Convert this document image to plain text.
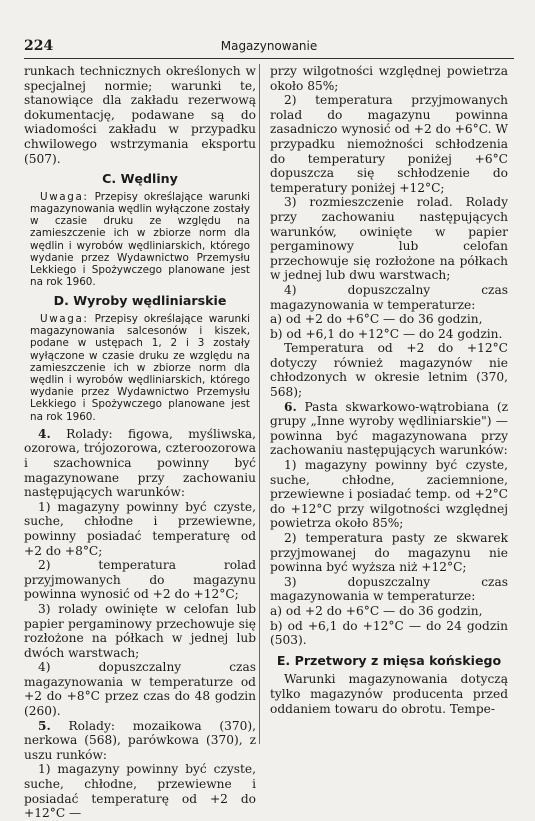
224	Magazynowanie

runkach technicznych określonych w specjalnej normie; warunki te, stanowiące dla zakładu rezerwową dokumentację, podawane są do wiadomości zakładu w przypadku chwilowego wstrzymania eksportu (507).

C. Wędliny

Uwaga: Przepisy określające warunki magazynowania wędlin wyłączone zostały w czasie druku ze względu na zamieszczenie ich w zbiorze norm dla wędlin i wyrobów wędliniarskich, którego wydanie przez Wydawnictwo Przemysłu Lekkiego i Spożywczego planowane jest na rok 1960.

D. Wyroby wędliniarskie

Uwaga: Przepisy określające warunki magazynowania salcesonów i kiszek, podane w ustępach 1, 2 i 3 zostały wyłączone w czasie druku ze względu na zamieszczenie ich w zbiorze norm dla wędlin i wyrobów wędliniarskich, którego wydanie przez Wydawnictwo Przemysłu Lekkiego i Spożywczego planowane jest na rok 1960.

4. Rolady: figowa, myśliwska, ozorowa, trójozorowa, czteroozorowa i szachownica powinny być magazynowane przy zachowaniu następujących warunków:

1) magazyny powinny być czyste, suche, chłodne i przewiewne, powinny posiadać temperaturę od +2 do +8°C;

2) temperatura rolad przyjmowanych do magazynu powinna wynosić od +2 do +12°C;

3) rolady owinięte w celofan lub papier pergaminowy przechowuje się rozłożone na półkach w jednej lub dwóch warstwach;

4) dopuszczalny czas magazynowania w temperaturze od +2 do +8°C przez czas do 48 godzin (260).

5. Rolady: mozaikowa (370), nerkowa (568), parówkowa (370), z uszu runków:

1) magazyny powinny być czyste, suche, chłodne, przewiewne i posiadać temperaturę od +2 do +12°C —

przy wilgotności względnej powietrza około 85%;

2) temperatura przyjmowanych rolad do magazynu powinna zasadniczo wynosić od +2 do +6°C. W przypadku niemożności schłodzenia do temperatury poniżej +6°C dopuszcza się schłodzenie do temperatury poniżej +12°C;

3) rozmieszczenie rolad. Rolady przy zachowaniu następujących warunków, owinięte w papier pergaminowy lub celofan przechowuje się rozłożone na półkach w jednej lub dwu warstwach;

4) dopuszczalny czas magazynowania w temperaturze:

a) od +2 do +6°C — do 36 godzin,

b) od +6,1 do +12°C — do 24 godzin.

Temperatura od +2 do +12°C dotyczy również magazynów nie chłodzonych w okresie letnim (370, 568);

6. Pasta skwarkowo-wątrobiana (z grupy „Inne wyroby wędliniarskie") — powinna być magazynowana przy zachowaniu następujących warunków:

1) magazyny powinny być czyste, suche, chłodne, zaciemnione, przewiewne i posiadać temp. od +2°C do +12°C przy wilgotności względnej powietrza około 85%;

2) temperatura pasty ze skwarek przyjmowanej do magazynu nie powinna być wyższa niż +12°C;

3) dopuszczalny czas magazynowania w temperaturze:

a) od +2 do +6°C — do 36 godzin,

b) od +6,1 do +12°C — do 24 godzin (503).

E. Przetwory z mięsa końskiego

Warunki magazynowania dotyczą tylko magazynów producenta przed oddaniem towaru do obrotu. Tempe-
